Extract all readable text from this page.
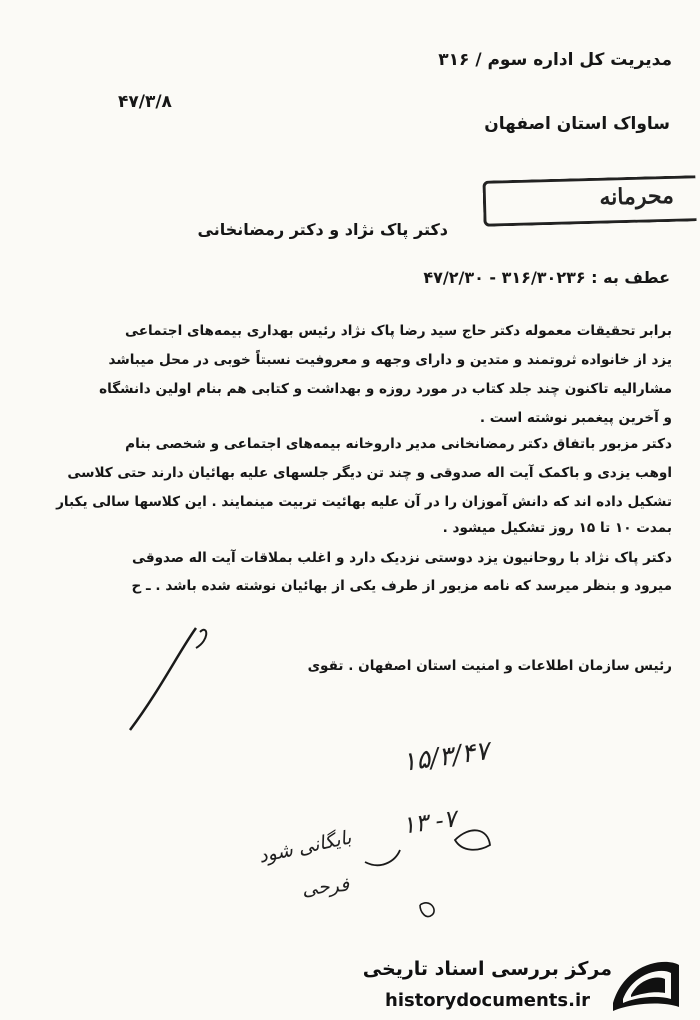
مدیریت کل اداره سوم / ۳۱۶
۴۷/۳/۸
ساواک استان اصفهان
محرمانه
دکتر پاک نژاد و دکتر رمضانخانی
عطف به : ۳۱۶/۳۰۲۳۶ - ۴۷/۲/۳۰
برابر تحقیقات معموله دکتر حاج سید رضا پاک نژاد رئیس بهداری بیمه‌های اجتماعی
یزد از خانواده ثروتمند و متدین و دارای وجهه و معروفیت نسبتاً خوبی در محل میباشد
مشارالیه تاکنون چند جلد کتاب در مورد روزه و بهداشت و کتابی هم بنام اولین دانشگاه
و آخرین پیغمبر نوشته است .
دکتر مزبور باتفاق دکتر رمضانخانی مدیر داروخانه بیمه‌های اجتماعی و شخصی بنام
اوهب یزدی و باکمک آیت اله صدوقی و چند تن دیگر جلسهای علیه بهائیان دارند حتی کلاسی
تشکیل داده اند که دانش آموزان را در آن علیه بهائیت تربیت مینمایند . این کلاسها سالی یکبار
بمدت ۱۰ تا ۱۵ روز تشکیل میشود .
دکتر پاک نژاد با روحانیون یزد دوستی نزدیک دارد و اغلب بملاقات آیت اله صدوقی
میرود و بنظر میرسد که نامه مزبور از طرف یکی از بهائیان نوشته شده باشد . ـ ح
رئیس سازمان اطلاعات و امنیت استان اصفهان . تقوی
۱۵/۳/۴۷
۱۳ -۷
بایگانی شود
فرحی
مرکز بررسی اسناد تاریخی
historydocuments.ir
